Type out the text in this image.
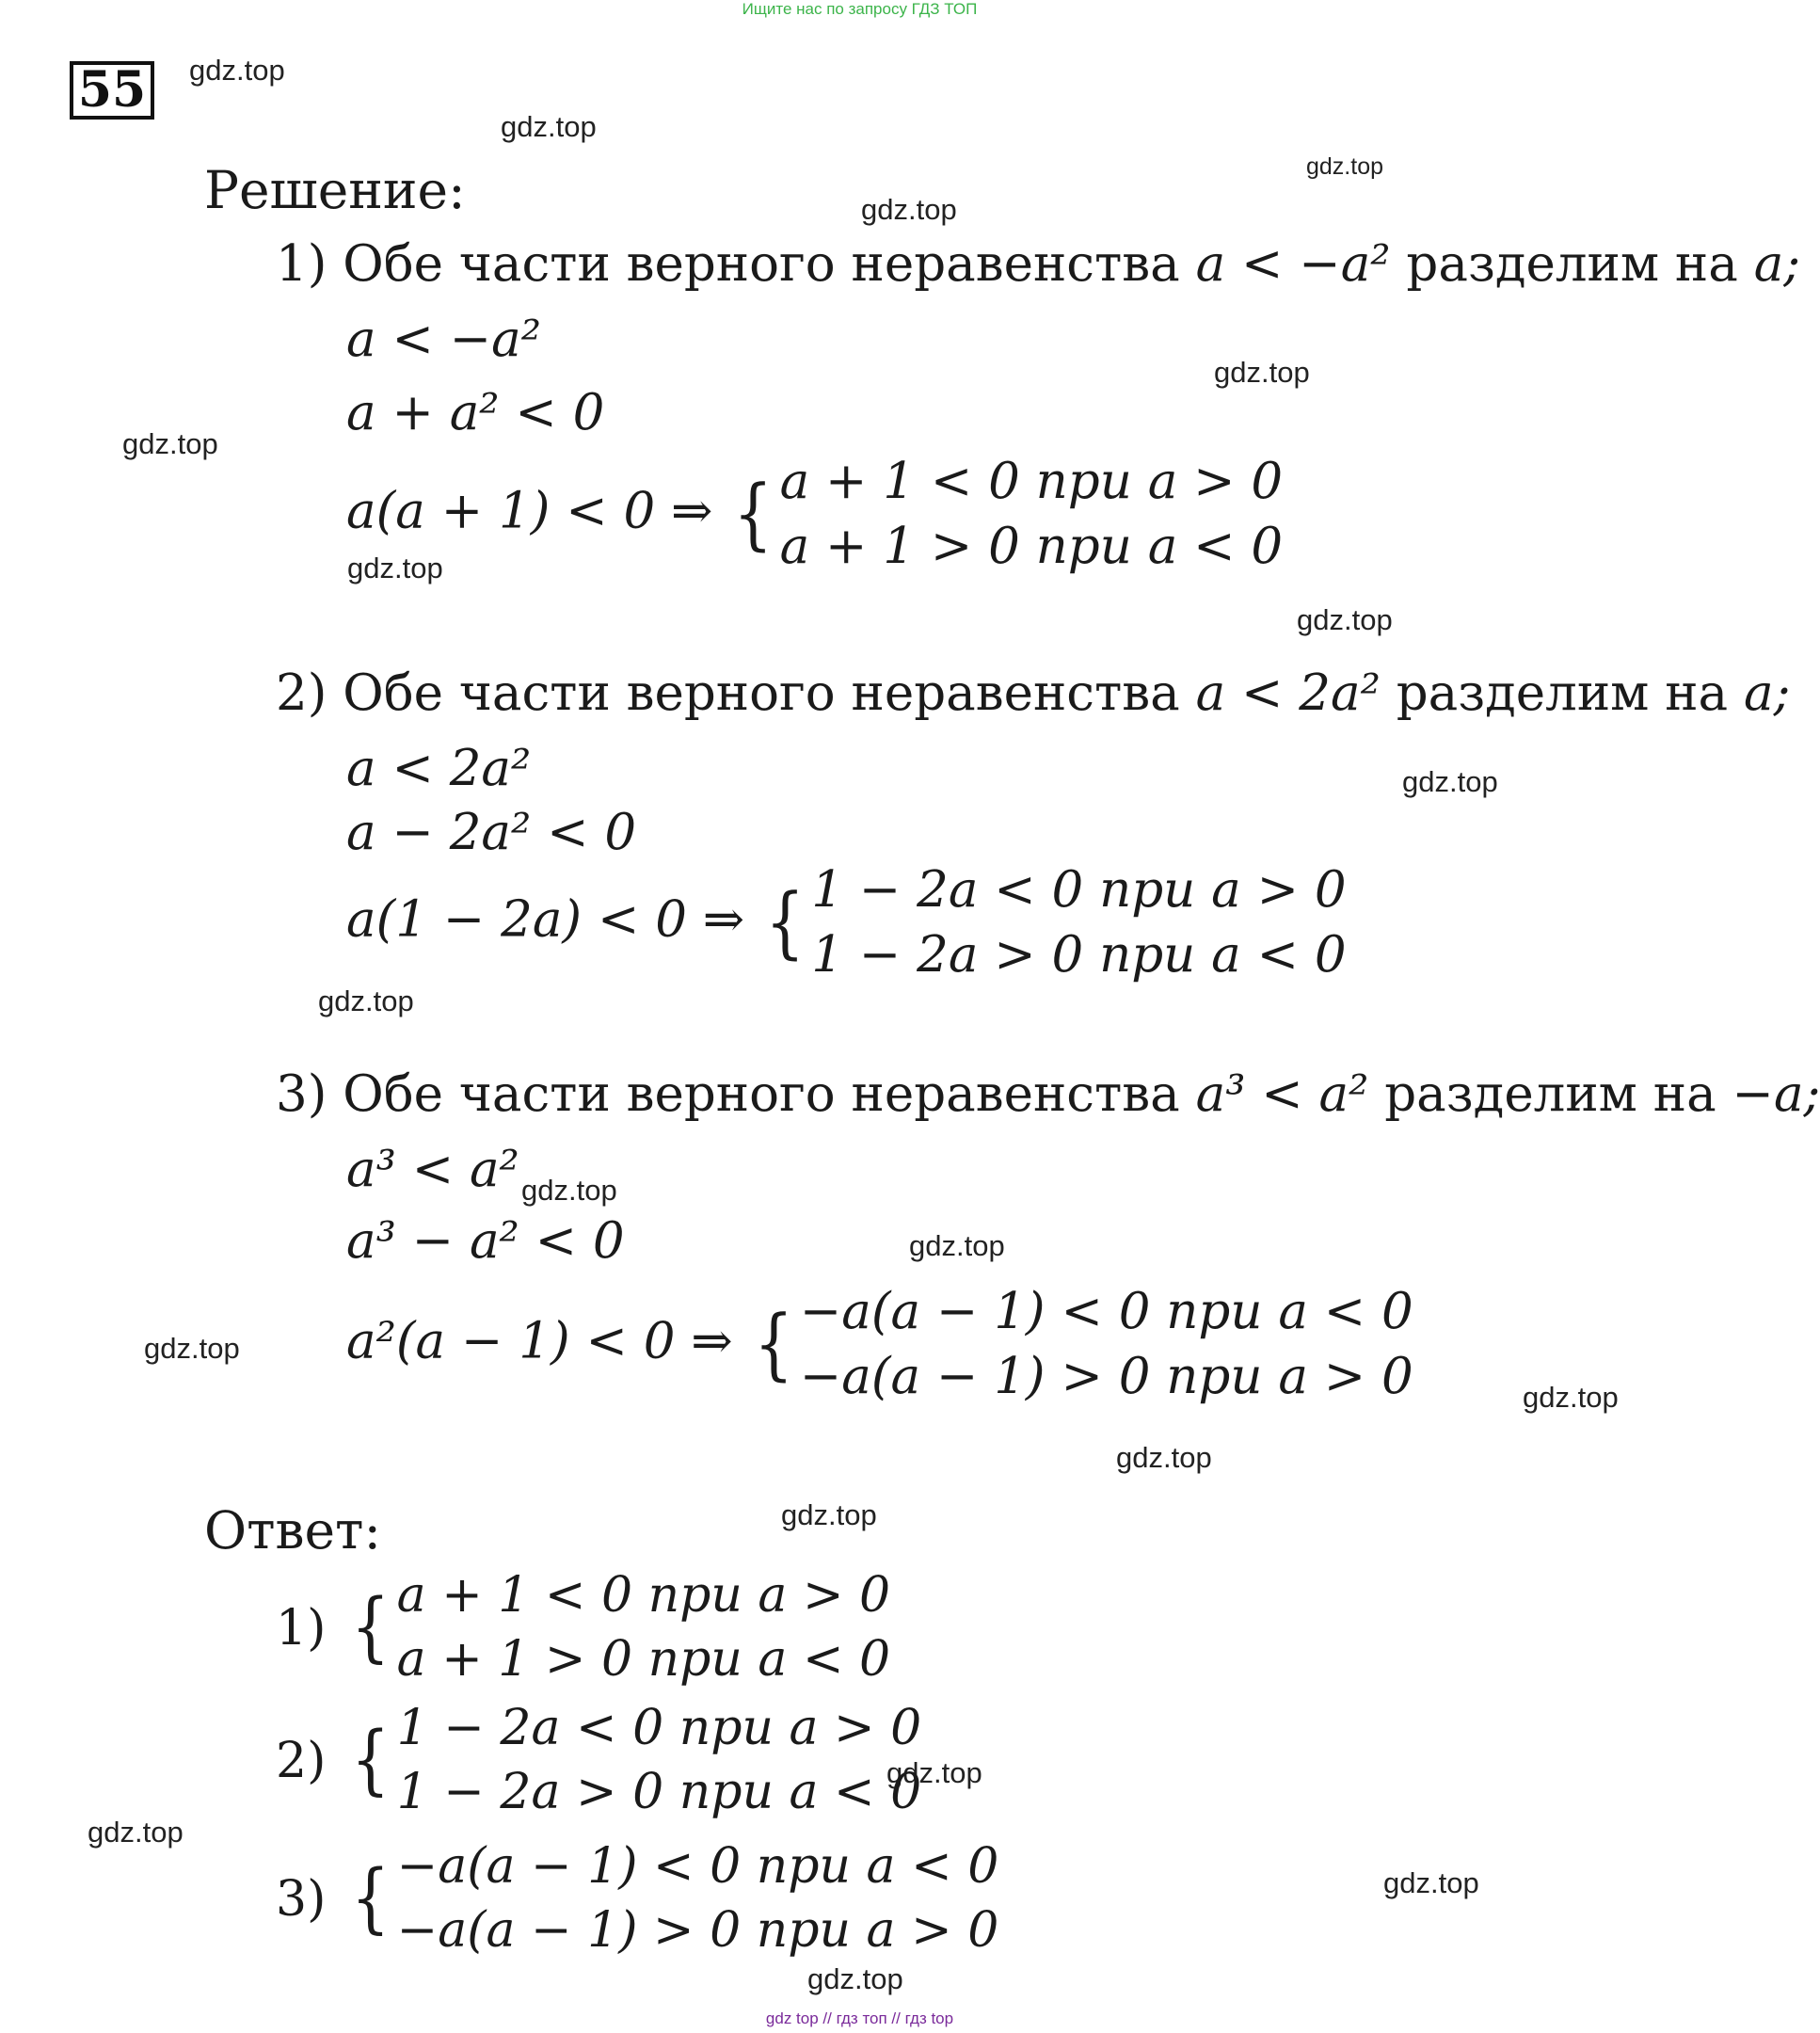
Ищите нас по запросу ГДЗ ТОП
55 gdz.top
gdz.top
gdz.top
gdz.top
gdz.top
gdz.top
gdz.top
gdz.top
gdz.top
gdz.top
gdz.top
gdz.top
gdz.top
gdz.top
gdz.top
gdz.top
gdz.top
gdz.top
gdz.top
gdz.top
Решение:
1) Обе части верного неравенства a < −a² разделим на a;
a < −a²
a + a² < 0
a(a + 1) < 0 ⇒ { a + 1 < 0 при a > 0
a + 1 > 0 при a < 0
2) Обе части верного неравенства a < 2a² разделим на a;
a < 2a²
a − 2a² < 0
a(1 − 2a) < 0 ⇒ { 1 − 2a < 0 при a > 0
1 − 2a > 0 при a < 0
3) Обе части верного неравенства a³ < a² разделим на −a;
a³ < a²
a³ − a² < 0
a²(a − 1) < 0 ⇒ { −a(a − 1) < 0 при a < 0
−a(a − 1) > 0 при a > 0
Ответ:
1) { a + 1 < 0 при a > 0
a + 1 > 0 при a < 0
2) { 1 − 2a < 0 при a > 0
1 − 2a > 0 при a < 0
3) { −a(a − 1) < 0 при a < 0
−a(a − 1) > 0 при a > 0
gdz top // гдз топ // гдз top
